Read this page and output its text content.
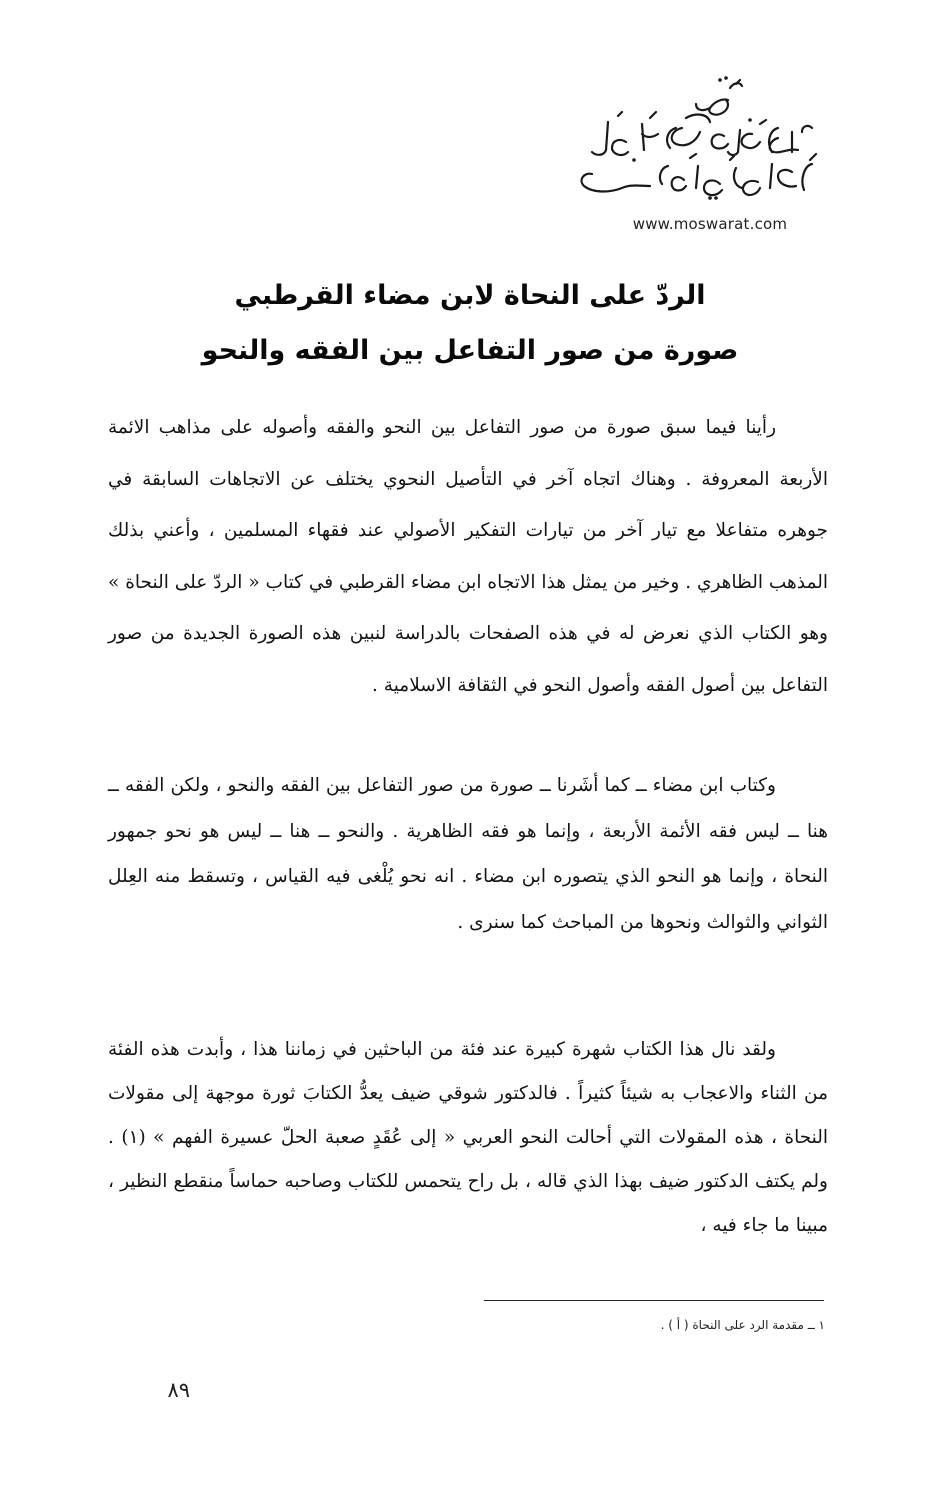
www.moswarat.com
الردّ على النحاة لابن مضاء القرطبي
صورة من صور التفاعل بين الفقه والنحو

رأينا فيما سبق صورة من صور التفاعل بين النحو والفقه وأصوله على مذاهب الائمة الأربعة المعروفة . وهناك اتجاه آخر في التأصيل النحوي يختلف عن الاتجاهات السابقة في جوهره متفاعلا مع تيار آخر من تيارات التفكير الأصولي عند فقهاء المسلمين ، وأعني بذلك المذهب الظاهري . وخير من يمثل هذا الاتجاه ابن مضاء القرطبي في كتاب « الردّ على النحاة » وهو الكتاب الذي نعرض له في هذه الصفحات بالدراسة لنبين هذه الصورة الجديدة من صور التفاعل بين أصول الفقه وأصول النحو في الثقافة الاسلامية .

وكتاب ابن مضاء ــ كما أشَرنا ــ صورة من صور التفاعل بين الفقه والنحو ، ولكن الفقه ــ هنا ــ ليس فقه الأئمة الأربعة ، وإنما هو فقه الظاهرية . والنحو ــ هنا ــ ليس هو نحو جمهور النحاة ، وإنما هو النحو الذي يتصوره ابن مضاء . انه نحو يُلْغى فيه القياس ، وتسقط منه العِلل الثواني والثوالث ونحوها من المباحث كما سنرى .

ولقد نال هذا الكتاب شهرة كبيرة عند فئة من الباحثين في زماننا هذا ، وأبدت هذه الفئة من الثناء والاعجاب به شيئاً كثيراً . فالدكتور شوقي ضيف يعدُّ الكتابَ ثورة موجهة إلى مقولات النحاة ، هذه المقولات التي أحالت النحو العربي « إلى عُقَدٍ صعبة الحلّ عسيرة الفهم » (١) . ولم يكتف الدكتور ضيف بهذا الذي قاله ، بل راح يتحمس للكتاب وصاحبه حماساً منقطع النظير ، مبينا ما جاء فيه ،

١ ــ مقدمة الرد على النحاة ( أ ) .
٨٩
